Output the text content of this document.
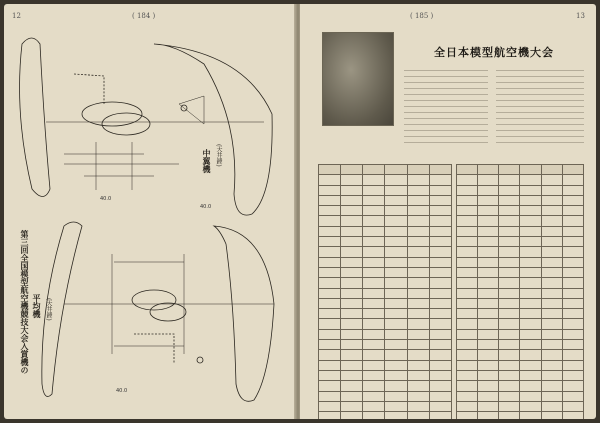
12	( 184 )
40.0
40.0
40.0
中翼機 (天井錘)
第三回全国模型航空機競技大会入賞機の 平均機 (天井錘)
( 185 )	13
全日本模型航空機大会
